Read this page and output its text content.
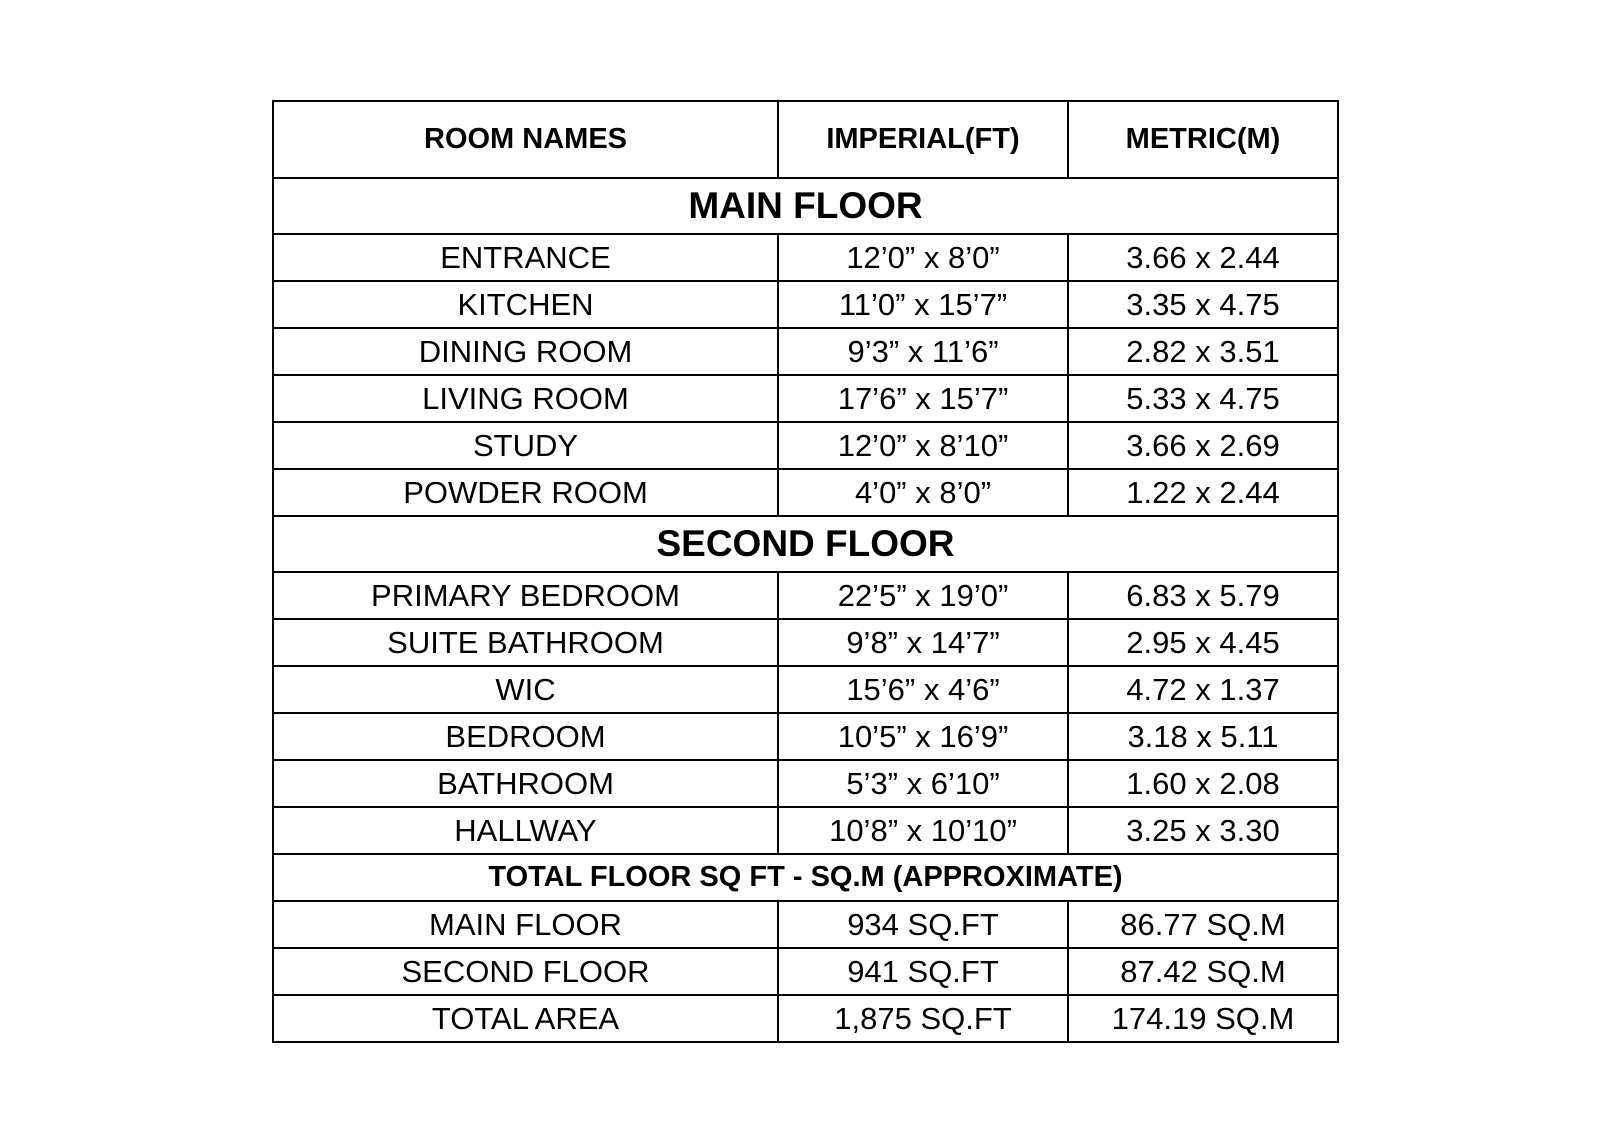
ROOM NAMES	IMPERIAL(FT)	METRIC(M)
MAIN FLOOR		
ENTRANCE	12’0” x 8’0”	3.66 x 2.44
KITCHEN	11’0” x 15’7”	3.35 x 4.75
DINING ROOM	9’3” x 11’6”	2.82 x 3.51
LIVING ROOM	17’6” x 15’7”	5.33 x 4.75
STUDY	12’0” x 8’10”	3.66 x 2.69
POWDER ROOM	4’0” x 8’0”	1.22 x 2.44
SECOND FLOOR		
PRIMARY BEDROOM	22’5” x 19’0”	6.83 x 5.79
SUITE BATHROOM	9’8” x 14’7”	2.95 x 4.45
WIC	15’6” x 4’6”	4.72 x 1.37
BEDROOM	10’5” x 16’9”	3.18 x 5.11
BATHROOM	5’3” x 6’10”	1.60 x 2.08
HALLWAY	10’8” x 10’10”	3.25 x 3.30
TOTAL FLOOR SQ FT - SQ.M (APPROXIMATE)		
MAIN FLOOR	934 SQ.FT	86.77 SQ.M
SECOND FLOOR	941 SQ.FT	87.42 SQ.M
TOTAL AREA	1,875 SQ.FT	174.19 SQ.M
